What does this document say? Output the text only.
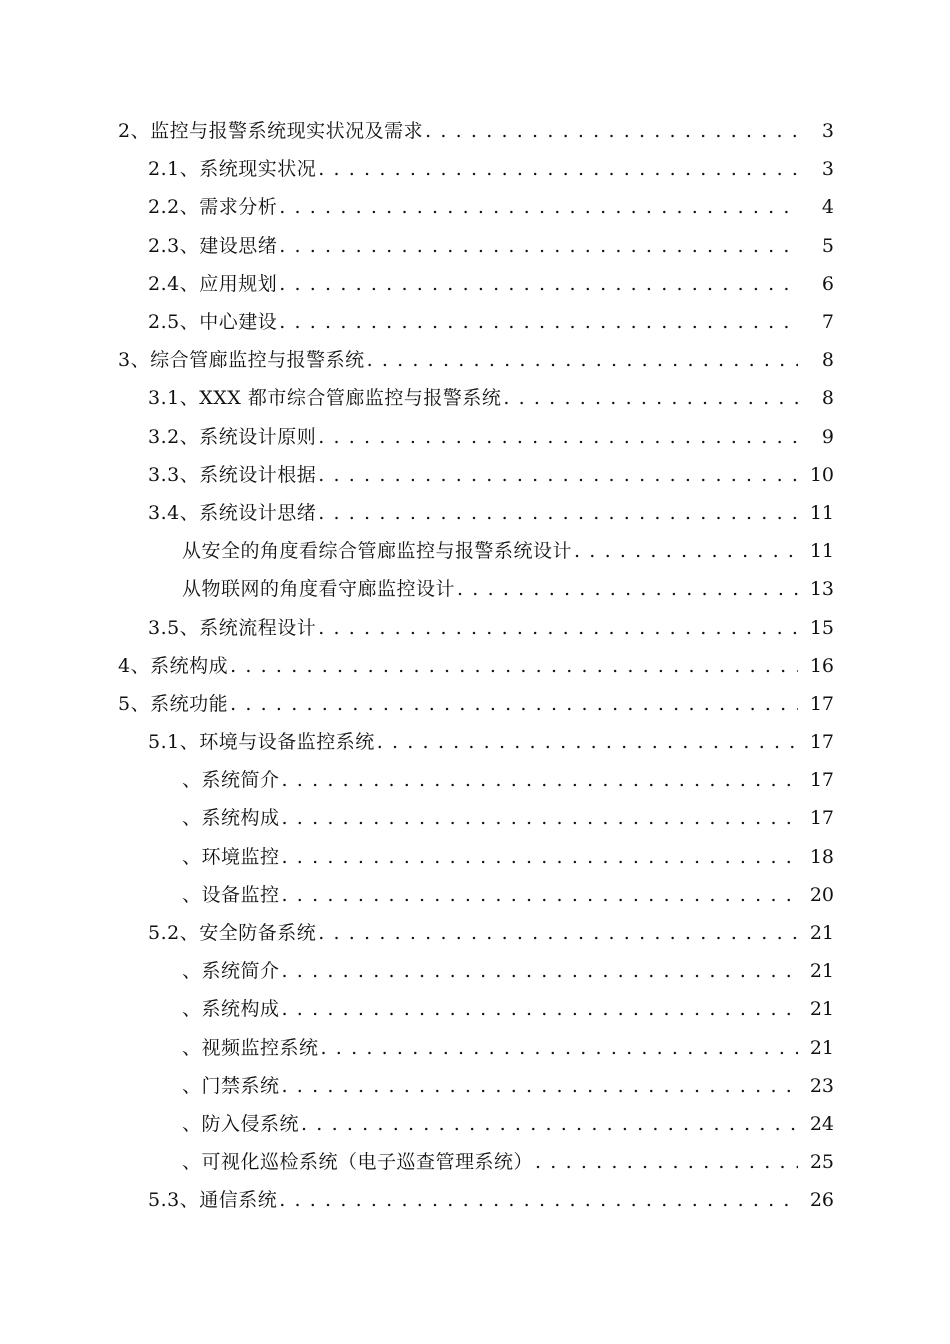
2、监控与报警系统现实状况及需求 . . .	3
2.1、系统现实状况 . . .	3
2.2、需求分析 . . .	4
2.3、建设思绪 . . .	5
2.4、应用规划 . . .	6
2.5、中心建设 . . .	7
3、综合管廊监控与报警系统 . . .	8
3.1、XXX 都市综合管廊监控与报警系统 . . .	8
3.2、系统设计原则 . . .	9
3.3、系统设计根据 . . .	10
3.4、系统设计思绪 . . .	11
从安全的角度看综合管廊监控与报警系统设计 . . .	11
从物联网的角度看守廊监控设计 . . .	13
3.5、系统流程设计 . . .	15
4、系统构成 . . .	16
5、系统功能 . . .	17
5.1、环境与设备监控系统 . . .	17
、系统简介 . . .	17
、系统构成 . . .	17
、环境监控 . . .	18
、设备监控 . . .	20
5.2、安全防备系统 . . .	21
、系统简介 . . .	21
、系统构成 . . .	21
、视频监控系统 . . .	21
、门禁系统 . . .	23
、防入侵系统 . . .	24
、可视化巡检系统（电子巡查管理系统） . . .	25
5.3、通信系统 . . .	26
